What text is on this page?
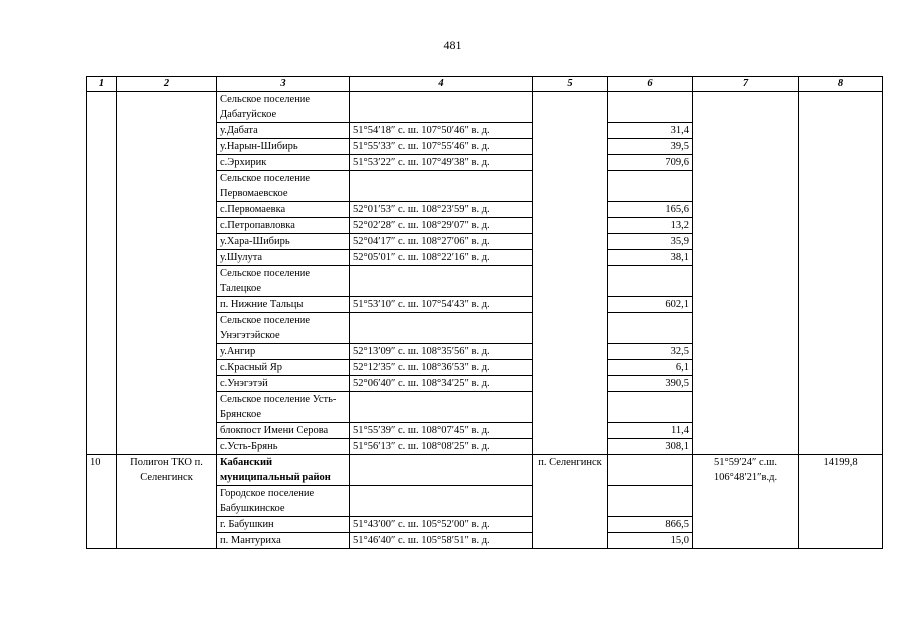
481
1	2	3	4	5	6	7	8
		Сельское поселение Дабатуйское					
		у.Дабата	51°54′18″ с. ш. 107°50′46″ в. д.		31,4		
		у.Нарын-Шибирь	51°55′33″ с. ш. 107°55′46″ в. д.		39,5		
		с.Эрхирик	51°53′22″ с. ш. 107°49′38″ в. д.		709,6		
		Сельское поселение Первомаевское					
		с.Первомаевка	52°01′53″ с. ш. 108°23′59″ в. д.		165,6		
		с.Петропавловка	52°02′28″ с. ш. 108°29′07″ в. д.		13,2		
		у.Хара-Шибирь	52°04′17″ с. ш. 108°27′06″ в. д.		35,9		
		у.Шулута	52°05′01″ с. ш. 108°22′16″ в. д.		38,1		
		Сельское поселение Талецкое					
		п. Нижние Тальцы	51°53′10″ с. ш. 107°54′43″ в. д.		602,1		
		Сельское поселение Унэгэтэйское					
		у.Ангир	52°13′09″ с. ш. 108°35′56″ в. д.		32,5		
		с.Красный Яр	52°12′35″ с. ш. 108°36′53″ в. д.		6,1		
		с.Унэгэтэй	52°06′40″ с. ш. 108°34′25″ в. д.		390,5		
		Сельское поселение Усть-Брянское					
		блокпост Имени Серова	51°55′39″ с. ш. 108°07′45″ в. д.		11,4		
		с.Усть-Брянь	51°56′13″ с. ш. 108°08′25″ в. д.		308,1		
10	Полигон ТКО п. Селенгинск	Кабанский муниципальный район		п. Селенгинск		51°59′24″ с.ш. 106°48′21″в.д.	14199,8
		Городское поселение Бабушкинское					
		г. Бабушкин	51°43′00″ с. ш. 105°52′00″ в. д.		866,5		
		п. Мантуриха	51°46′40″ с. ш. 105°58′51″ в. д.		15,0		
